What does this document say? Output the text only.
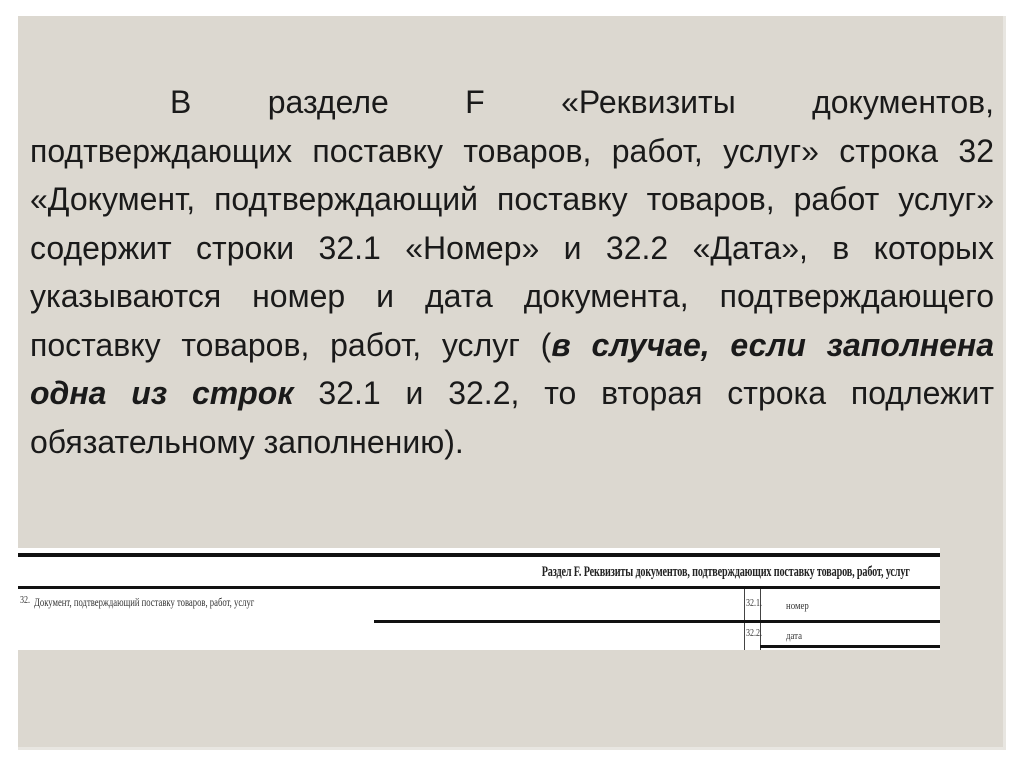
В разделе F «Реквизиты документов, подтверждающих поставку товаров, работ, услуг» строка 32 «Документ, подтверждающий поставку товаров, работ услуг» содержит строки 32.1 «Номер» и 32.2 «Дата», в которых указываются номер и дата документа, подтверждающего поставку товаров, работ, услуг (в случае, если заполнена одна из строк 32.1 и 32.2, то вторая строка подлежит обязательному заполнению).

Раздел F. Реквизиты документов, подтверждающих поставку товаров, работ, услуг
32. Документ, подтверждающий поставку товаров, работ, услуг	32.1. номер
32.2. дата
